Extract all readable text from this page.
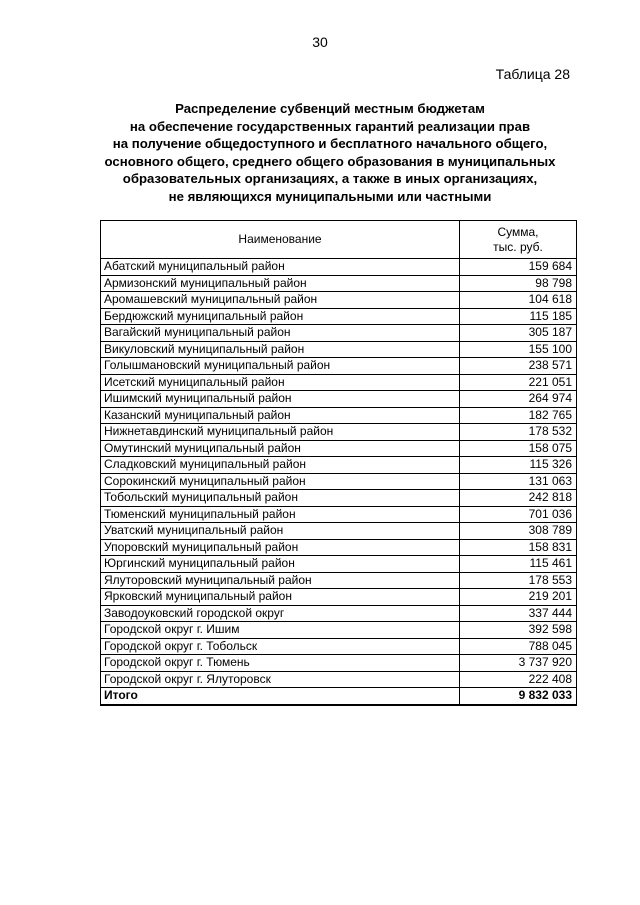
30
Таблица 28
Распределение субвенций местным бюджетам
на обеспечение государственных гарантий реализации прав
на получение общедоступного и бесплатного начального общего,
основного общего, среднего общего образования в муниципальных
образовательных организациях, а также в иных организациях,
не являющихся муниципальными или частными
Наименование	Сумма,
тыс. руб.

Абатский муниципальный район	159 684
Армизонский муниципальный район	98 798
Аромашевский муниципальный район	104 618
Бердюжский муниципальный район	115 185
Вагайский муниципальный район	305 187
Викуловский муниципальный район	155 100
Голышмановский муниципальный район	238 571
Исетский муниципальный район	221 051
Ишимский муниципальный район	264 974
Казанский муниципальный район	182 765
Нижнетавдинский муниципальный район	178 532
Омутинский муниципальный район	158 075
Сладковский муниципальный район	115 326
Сорокинский муниципальный район	131 063
Тобольский муниципальный район	242 818
Тюменский муниципальный район	701 036
Уватский муниципальный район	308 789
Упоровский муниципальный район	158 831
Юргинский муниципальный район	115 461
Ялуторовский муниципальный район	178 553
Ярковский муниципальный район	219 201
Заводоуковский городской округ	337 444
Городской округ г. Ишим	392 598
Городской округ г. Тобольск	788 045
Городской округ г. Тюмень	3 737 920
Городской округ г. Ялуторовск	222 408
Итого	9 832 033
